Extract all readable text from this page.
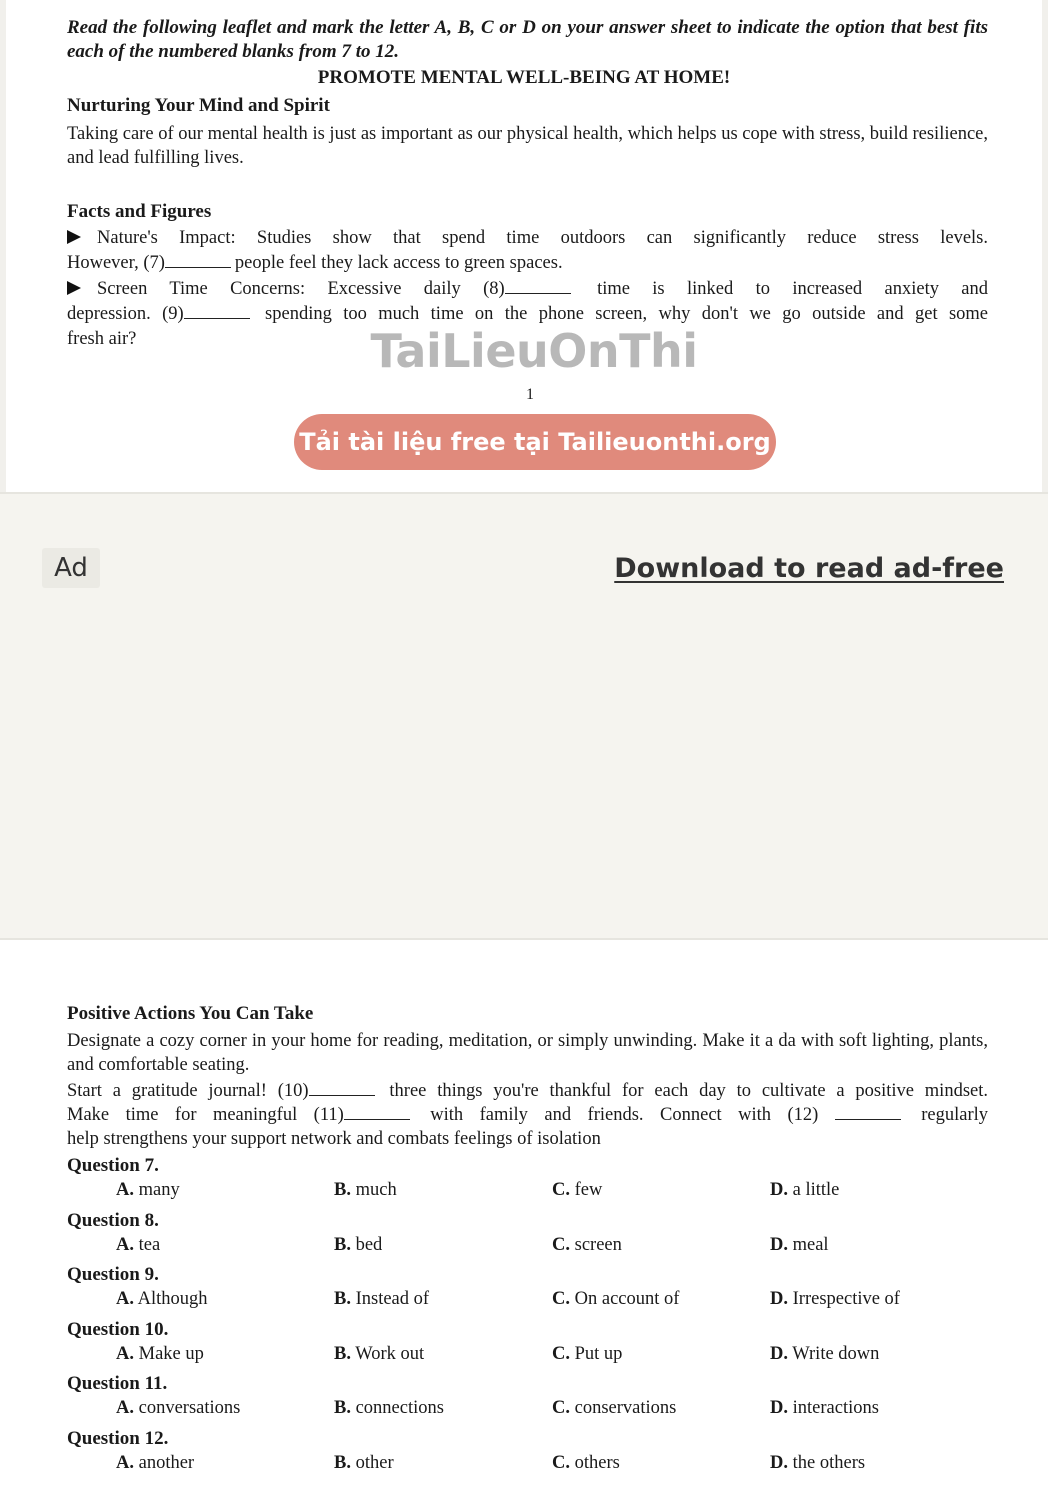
Read the following leaflet and mark the letter A, B, C or D on your answer sheet to indicate the option that best fits each of the numbered blanks from 7 to 12.
PROMOTE MENTAL WELL-BEING AT HOME!
Nurturing Your Mind and Spirit
Taking care of our mental health is just as important as our physical health, which helps us cope with stress, build resilience, and lead fulfilling lives.
Facts and Figures
Nature's Impact: Studies show that spend time outdoors can significantly reduce stress levels.
However, (7)	people feel they lack access to green spaces.
Screen Time Concerns: Excessive daily (8)	time is linked to increased anxiety and
depression. (9)	spending too much time on the phone screen, why don't we go outside and get some
fresh air?	TaiLieuOnThi
1
Tải tài liệu free tại Tailieuonthi.org
Ad	Download to read ad-free
Positive Actions You Can Take
Designate a cozy corner in your home for reading, meditation, or simply unwinding. Make it a da with soft lighting, plants, and comfortable seating.
Start a gratitude journal! (10)	three things you're thankful for each day to cultivate a positive mindset.
Make time for meaningful (11)	with family and friends. Connect with (12)	regularly
help strengthens your support network and combats feelings of isolation
Question 7.
A. many	B. much	C. few	D. a little
Question 8.
A. tea	B. bed	C. screen	D. meal
Question 9.
A. Although	B. Instead of	C. On account of	D. Irrespective of
Question 10.
A. Make up	B. Work out	C. Put up	D. Write down
Question 11.
A. conversations	B. connections	C. conservations	D. interactions
Question 12.
A. another	B. other	C. others	D. the others
